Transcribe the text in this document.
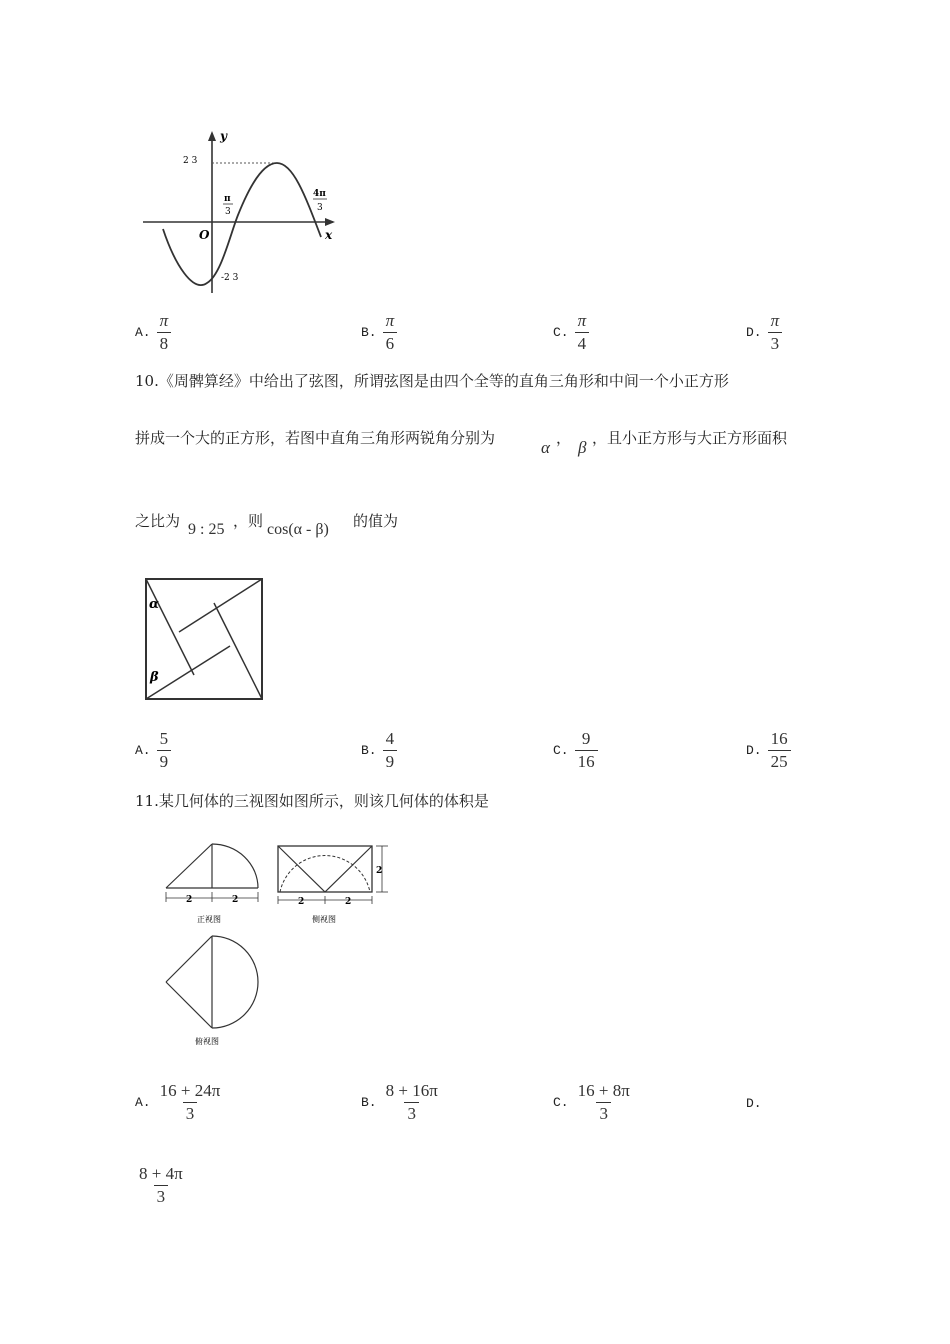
y
x
O
2 3
-2 3
π
3
4π
3
A. $\frac{\pi}{8}$	B. $\frac{\pi}{6}$	C. $\frac{\pi}{4}$	D. $\frac{\pi}{3}$
10.《周髀算经》中给出了弦图，所谓弦图是由四个全等的直角三角形和中间一个小正方形
拼成一个大的正方形，若图中直角三角形两锐角分别为	α ， β ，且小正方形与大正方形面积
之比为 9 : 25 ，则 cos(α - β) 的值为
α
β
A. $\frac{5}{9}$	B. $\frac{4}{9}$	C. $\frac{9}{16}$	D. $\frac{16}{25}$
11.某几何体的三视图如图所示，则该几何体的体积是
2	2
正视图
2
2	2
侧视图
俯视图
A. $\frac{16 + 24\pi}{3}$	B. $\frac{8 + 16\pi}{3}$	C. $\frac{16 + 8\pi}{3}$	D.
$\frac{8 + 4\pi}{3}$
